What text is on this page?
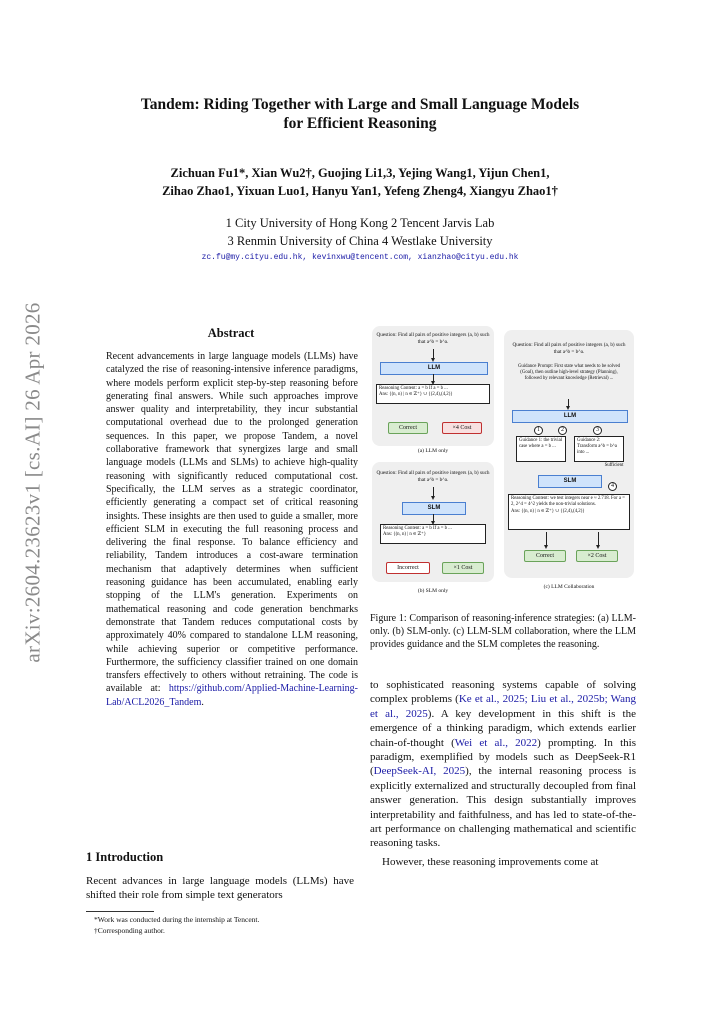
arXiv:2604.23623v1 [cs.AI] 26 Apr 2026
Tandem: Riding Together with Large and Small Language Models
for Efficient Reasoning
Zichuan Fu1*, Xian Wu2†, Guojing Li1,3, Yejing Wang1, Yijun Chen1,
Zihao Zhao1, Yixuan Luo1, Hanyu Yan1, Yefeng Zheng4, Xiangyu Zhao1†
1 City University of Hong Kong 2 Tencent Jarvis Lab
3 Renmin University of China 4 Westlake University
zc.fu@my.cityu.edu.hk, kevinxwu@tencent.com, xianzhao@cityu.edu.hk
Abstract
Recent advancements in large language models (LLMs) have catalyzed the rise of reasoning-intensive inference paradigms, where models perform explicit step-by-step reasoning before generating final answers. While such approaches improve answer quality and interpretability, they incur substantial computational overhead due to the prolonged generation sequences. In this paper, we propose Tandem, a novel collaborative framework that synergizes large and small language models (LLMs and SLMs) to achieve high-quality reasoning with significantly reduced computational cost. Specifically, the LLM serves as a strategic coordinator, efficiently generating a compact set of critical reasoning insights. These insights are then used to guide a smaller, more efficient SLM in executing the full reasoning process and delivering the final response. To balance efficiency and reliability, Tandem introduces a cost-aware termination mechanism that adaptively determines when sufficient reasoning guidance has been accumulated, enabling early stopping of the LLM's generation. Experiments on mathematical reasoning and code generation benchmarks demonstrate that Tandem reduces computational costs by approximately 40% compared to standalone LLM reasoning, while achieving superior or competitive performance. Furthermore, the sufficiency classifier trained on one domain transfers effectively to others without retraining. The code is available at: https://github.com/Applied-Machine-Learning-Lab/ACL2026_Tandem.
1 Introduction
Recent advances in large language models (LLMs) have shifted their role from simple text generators
*Work was conducted during the internship at Tencent.
†Corresponding author.
Question: Find all pairs of positive integers (a, b) such that a^b = b^a.
LLM
Reasoning Content: a = b If a = b ...
Ans: {(n, n) | n ∈ ℤ⁺} ∪ {(2,4),(4,2)}
Correct	×4 Cost
(a) LLM only
Question: Find all pairs of positive integers (a, b) such that a^b = b^a.
SLM
Reasoning Content: a = b If a = b ...
Ans: {(n, n) | n ∈ ℤ⁺}
Incorrect	×1 Cost
(b) SLM only
Question: Find all pairs of positive integers (a, b) such that a^b = b^a.
Guidance Prompt: First state what needs to be solved (Goal), then outline high-level strategy (Planning), followed by relevant knowledge (Retrieval) ...
LLM
1	2	3
Guidance 1: the trivial case where a = b ...
Guidance 2: Transform a^b = b^a into ...
Sufficient
SLM
4
Reasoning Content: we test integers near e ≈ 2.718. For a = 2, 2^4 = 4^2 yields the non-trivial solutions.
Ans: {(n, n) | n ∈ ℤ⁺} ∪ {(2,4),(4,2)}
Correct	×2 Cost
(c) LLM Collaboration
Figure 1: Comparison of reasoning-inference strategies: (a) LLM-only. (b) SLM-only. (c) LLM-SLM collaboration, where the LLM provides guidance and the SLM completes the reasoning.
to sophisticated reasoning systems capable of solving complex problems (Ke et al., 2025; Liu et al., 2025b; Wang et al., 2025). A key development in this shift is the emergence of a thinking paradigm, which extends earlier chain-of-thought (Wei et al., 2022) prompting. In this paradigm, exemplified by models such as DeepSeek-R1 (DeepSeek-AI, 2025), the internal reasoning process is explicitly externalized and structurally decoupled from final answer generation. This design substantially improves interpretability and faithfulness, and has led to state-of-the-art performance on challenging mathematical and scientific reasoning tasks.
However, these reasoning improvements come at
